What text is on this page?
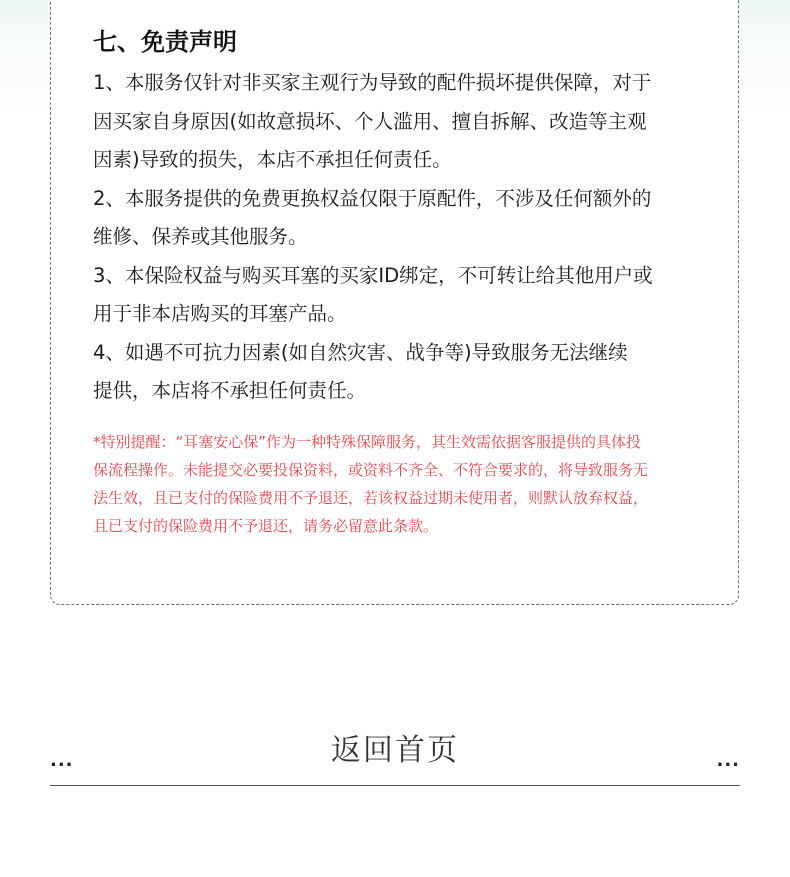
七、免责声明
1、本服务仅针对非买家主观行为导致的配件损坏提供保障，对于
因买家自身原因(如故意损坏、个人滥用、擅自拆解、改造等主观
因素)导致的损失，本店不承担任何责任。
2、本服务提供的免费更换权益仅限于原配件，不涉及任何额外的
维修、保养或其他服务。
3、本保险权益与购买耳塞的买家ID绑定，不可转让给其他用户或
用于非本店购买的耳塞产品。
4、如遇不可抗力因素(如自然灾害、战争等)导致服务无法继续
提供，本店将不承担任何责任。
*特别提醒：“耳塞安心保”作为一种特殊保障服务，其生效需依据客服提供的具体投
保流程操作。未能提交必要投保资料，或资料不齐全、不符合要求的，将导致服务无
法生效，且已支付的保险费用不予退还，若该权益过期未使用者，则默认放弃权益，
且已支付的保险费用不予退还，请务必留意此条款。
...	返回首页	...
